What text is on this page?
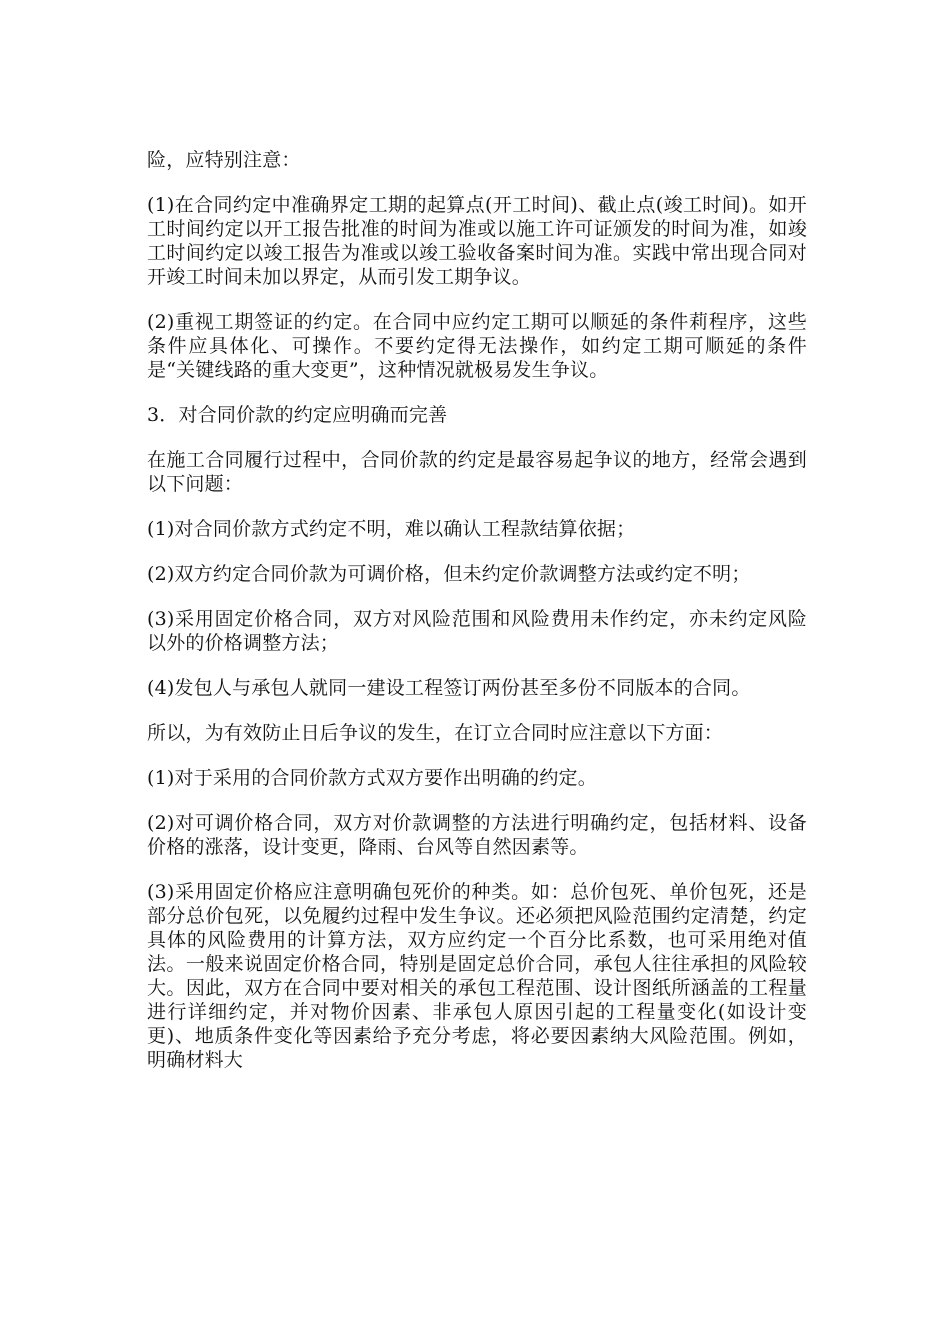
险，应特别注意：

(1)在合同约定中准确界定工期的起算点(开工时间)、截止点(竣工时间)。如开工时间约定以开工报告批准的时间为准或以施工许可证颁发的时间为准，如竣工时间约定以竣工报告为准或以竣工验收备案时间为准。实践中常出现合同对开竣工时间未加以界定，从而引发工期争议。

(2)重视工期签证的约定。在合同中应约定工期可以顺延的条件莉程序，这些条件应具体化、可操作。不要约定得无法操作，如约定工期可顺延的条件是“关键线路的重大变更”，这种情况就极易发生争议。

3．对合同价款的约定应明确而完善

在施工合同履行过程中，合同价款的约定是最容易起争议的地方，经常会遇到以下问题：

(1)对合同价款方式约定不明，难以确认工程款结算依据；

(2)双方约定合同价款为可调价格，但未约定价款调整方法或约定不明；

(3)采用固定价格合同，双方对风险范围和风险费用未作约定，亦未约定风险以外的价格调整方法；

(4)发包人与承包人就同一建设工程签订两份甚至多份不同版本的合同。

所以，为有效防止日后争议的发生，在订立合同时应注意以下方面：

(1)对于采用的合同价款方式双方要作出明确的约定。

(2)对可调价格合同，双方对价款调整的方法进行明确约定，包括材料、设备价格的涨落，设计变更，降雨、台风等自然因素等。

(3)采用固定价格应注意明确包死价的种类。如：总价包死、单价包死，还是部分总价包死，以免履约过程中发生争议。还必须把风险范围约定清楚，约定具体的风险费用的计算方法，双方应约定一个百分比系数，也可采用绝对值法。一般来说固定价格合同，特别是固定总价合同，承包人往往承担的风险较大。因此，双方在合同中要对相关的承包工程范围、设计图纸所涵盖的工程量进行详细约定，并对物价因素、非承包人原因引起的工程量变化(如设计变更)、地质条件变化等因素给予充分考虑，将必要因素纳大风险范围。例如，明确材料大
